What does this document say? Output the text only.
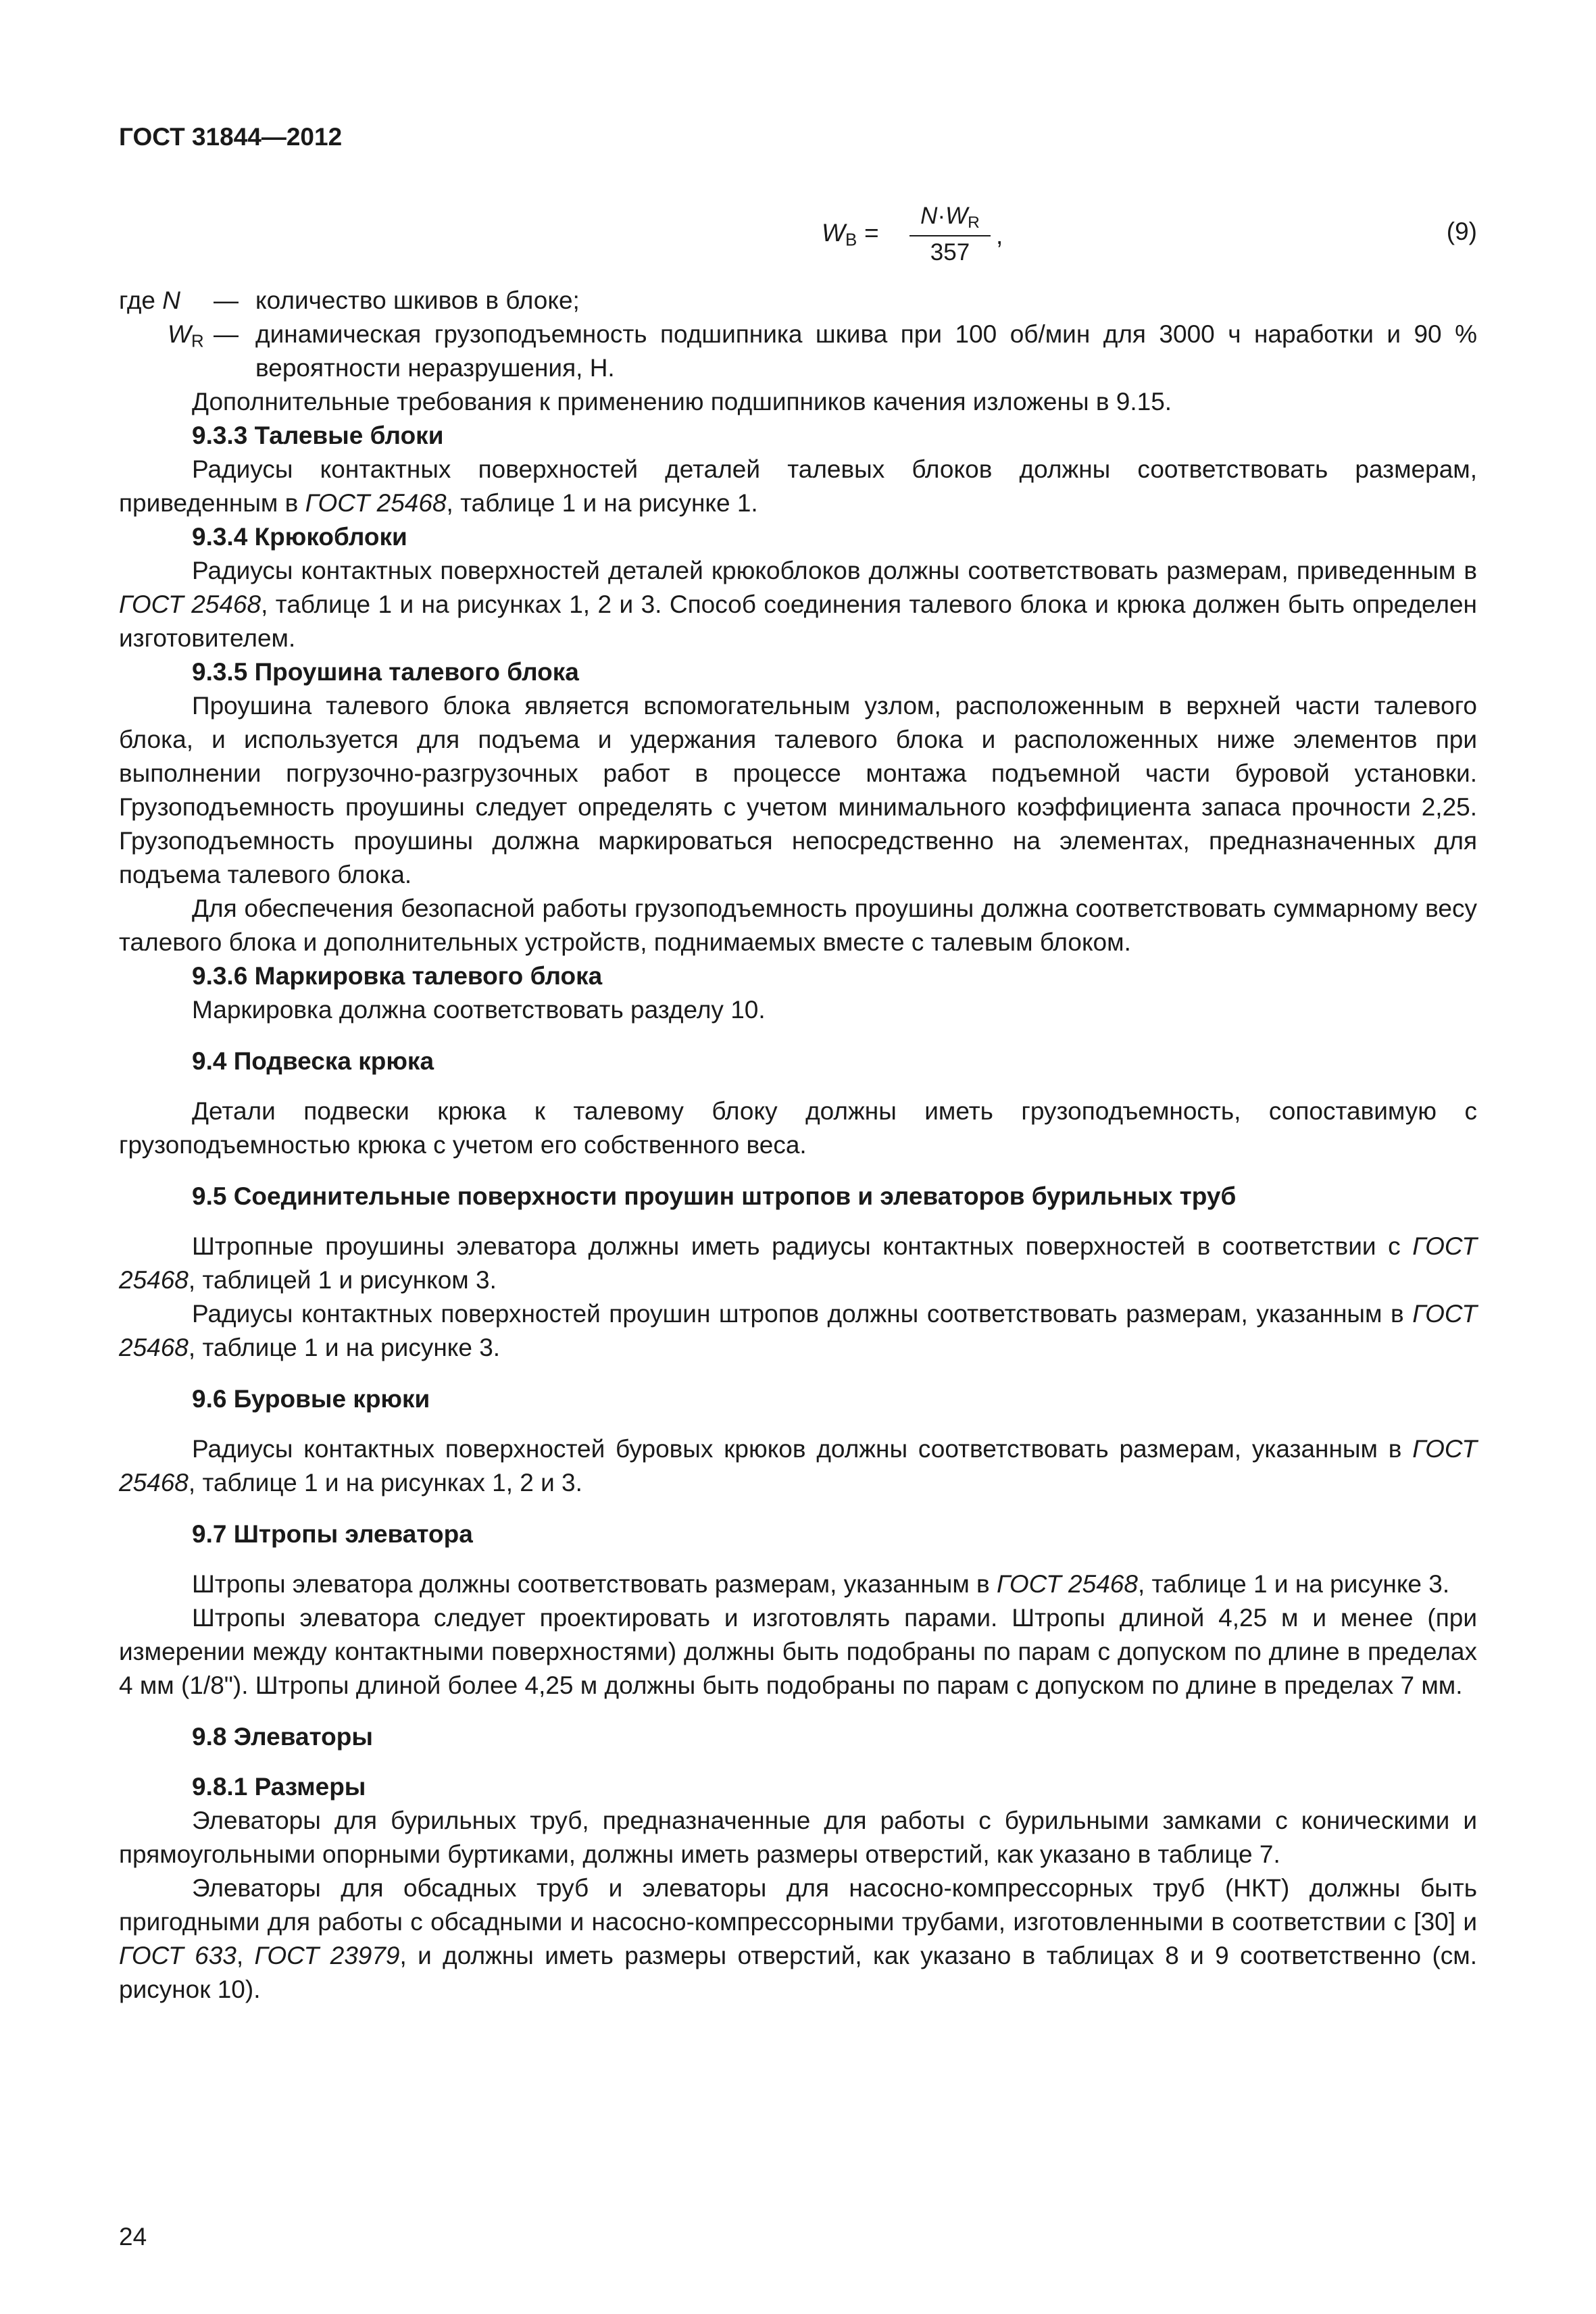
ГОСТ 31844—2012
$W_B$ =
$N\cdot W_R$
357
,	(9)
где N — количество шкивов в блоке;
$W_R$ — динамическая грузоподъемность подшипника шкива при 100 об/мин для 3000 ч наработки и 90 % вероятности неразрушения, Н.

Дополнительные требования к применению подшипников качения изложены в 9.15.

9.3.3 Талевые блоки

Радиусы контактных поверхностей деталей талевых блоков должны соответствовать размерам, приведенным в ГОСТ 25468, таблице 1 и на рисунке 1.

9.3.4 Крюкоблоки

Радиусы контактных поверхностей деталей крюкоблоков должны соответствовать размерам, приведенным в ГОСТ 25468, таблице 1 и на рисунках 1, 2 и 3. Способ соединения талевого блока и крюка должен быть определен изготовителем.

9.3.5 Проушина талевого блока

Проушина талевого блока является вспомогательным узлом, расположенным в верхней части талевого блока, и используется для подъема и удержания талевого блока и расположенных ниже элементов при выполнении погрузочно-разгрузочных работ в процессе монтажа подъемной части буровой установки. Грузоподъемность проушины следует определять с учетом минимального коэффициента запаса прочности 2,25. Грузоподъемность проушины должна маркироваться непосредственно на элементах, предназначенных для подъема талевого блока.

Для обеспечения безопасной работы грузоподъемность проушины должна соответствовать суммарному весу талевого блока и дополнительных устройств, поднимаемых вместе с талевым блоком.

9.3.6 Маркировка талевого блока

Маркировка должна соответствовать разделу 10.

9.4 Подвеска крюка

Детали подвески крюка к талевому блоку должны иметь грузоподъемность, сопоставимую с грузоподъемностью крюка с учетом его собственного веса.

9.5 Соединительные поверхности проушин штропов и элеваторов бурильных труб

Штропные проушины элеватора должны иметь радиусы контактных поверхностей в соответствии с ГОСТ 25468, таблицей 1 и рисунком 3.

Радиусы контактных поверхностей проушин штропов должны соответствовать размерам, указанным в ГОСТ 25468, таблице 1 и на рисунке 3.

9.6 Буровые крюки

Радиусы контактных поверхностей буровых крюков должны соответствовать размерам, указанным в ГОСТ 25468, таблице 1 и на рисунках 1, 2 и 3.

9.7 Штропы элеватора

Штропы элеватора должны соответствовать размерам, указанным в ГОСТ 25468, таблице 1 и на рисунке 3.

Штропы элеватора следует проектировать и изготовлять парами. Штропы длиной 4,25 м и менее (при измерении между контактными поверхностями) должны быть подобраны по парам с допуском по длине в пределах 4 мм (1/8"). Штропы длиной более 4,25 м должны быть подобраны по парам с допуском по длине в пределах 7 мм.

9.8 Элеваторы
9.8.1 Размеры

Элеваторы для бурильных труб, предназначенные для работы с бурильными замками с коническими и прямоугольными опорными буртиками, должны иметь размеры отверстий, как указано в таблице 7.

Элеваторы для обсадных труб и элеваторы для насосно-компрессорных труб (НКТ) должны быть пригодными для работы с обсадными и насосно-компрессорными трубами, изготовленными в соответствии с [30] и ГОСТ 633, ГОСТ 23979, и должны иметь размеры отверстий, как указано в таблицах 8 и 9 соответственно (см. рисунок 10).

24
